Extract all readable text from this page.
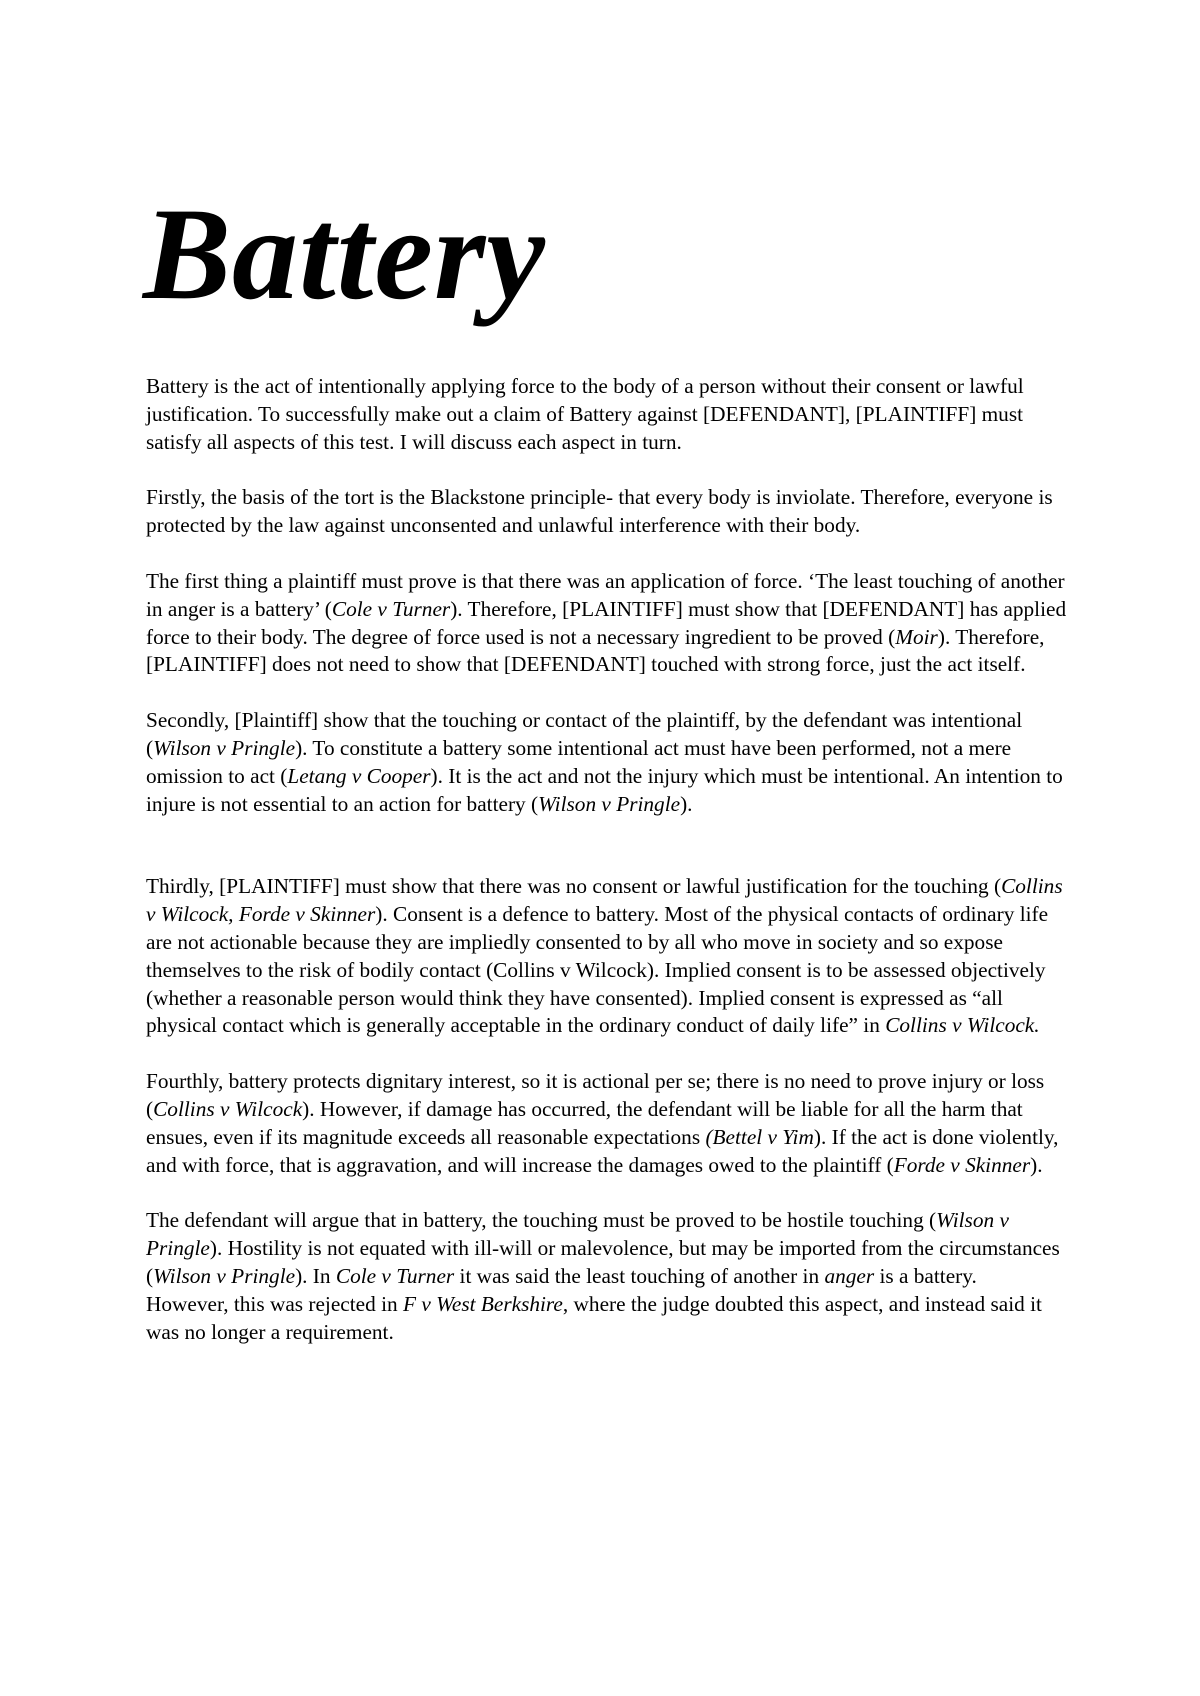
Battery

Battery is the act of intentionally applying force to the body of a person without their consent or lawful justification. To successfully make out a claim of Battery against [DEFENDANT], [PLAINTIFF] must satisfy all aspects of this test. I will discuss each aspect in turn.

Firstly, the basis of the tort is the Blackstone principle- that every body is inviolate. Therefore, everyone is protected by the law against unconsented and unlawful interference with their body.

The first thing a plaintiff must prove is that there was an application of force. ‘The least touching of another in anger is a battery’ (Cole v Turner). Therefore, [PLAINTIFF] must show that [DEFENDANT] has applied force to their body. The degree of force used is not a necessary ingredient to be proved (Moir). Therefore, [PLAINTIFF] does not need to show that [DEFENDANT] touched with strong force, just the act itself.

Secondly, [Plaintiff] show that the touching or contact of the plaintiff, by the defendant was intentional (Wilson v Pringle). To constitute a battery some intentional act must have been performed, not a mere omission to act (Letang v Cooper). It is the act and not the injury which must be intentional. An intention to injure is not essential to an action for battery (Wilson v Pringle).

Thirdly, [PLAINTIFF] must show that there was no consent or lawful justification for the touching (Collins v Wilcock, Forde v Skinner). Consent is a defence to battery. Most of the physical contacts of ordinary life are not actionable because they are impliedly consented to by all who move in society and so expose themselves to the risk of bodily contact (Collins v Wilcock). Implied consent is to be assessed objectively (whether a reasonable person would think they have consented). Implied consent is expressed as “all physical contact which is generally acceptable in the ordinary conduct of daily life” in Collins v Wilcock.

Fourthly, battery protects dignitary interest, so it is actional per se; there is no need to prove injury or loss (Collins v Wilcock). However, if damage has occurred, the defendant will be liable for all the harm that ensues, even if its magnitude exceeds all reasonable expectations (Bettel v Yim). If the act is done violently, and with force, that is aggravation, and will increase the damages owed to the plaintiff (Forde v Skinner).

The defendant will argue that in battery, the touching must be proved to be hostile touching (Wilson v Pringle). Hostility is not equated with ill-will or malevolence, but may be imported from the circumstances (Wilson v Pringle). In Cole v Turner it was said the least touching of another in anger is a battery.

However, this was rejected in F v West Berkshire, where the judge doubted this aspect, and instead said it was no longer a requirement.
